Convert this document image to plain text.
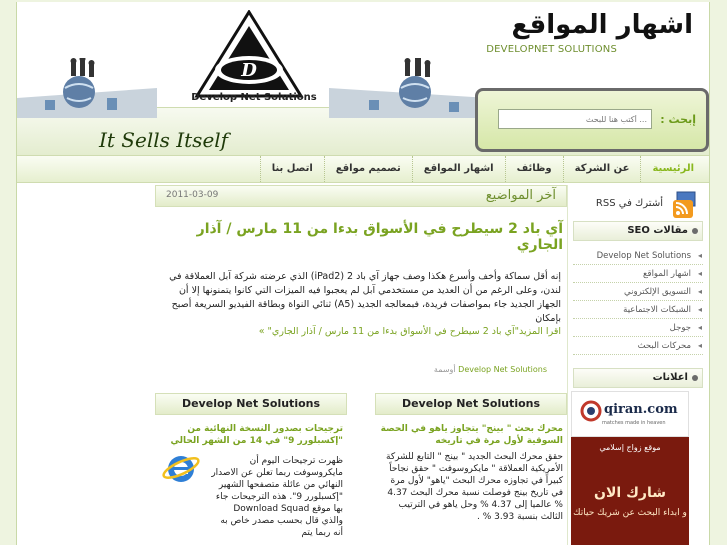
D
Develop Net Solutions
اشهار المواقع
DEVELOPNET SOLUTIONS
It Sells Itself
إبحث :
أكتب هنا للبحث ...
الرئيسية
عن الشركة
وظائف
اشهار المواقع
تصميم مواقع
اتصل بنا
أشترك في RSS
مقالات SEO
▸ Develop Net Solutions
▸ اشهار المواقع
▸ التسويق الإلكتروني
▸ الشبكات الاجتماعية
▸ جوجل
▸ محركات البحث
اعلانات
qiran.com
matches made in heaven
موقع زواج إسلامي
شارك الان
و ابداء البحث عن شريك حياتك
آخر المواضيع
2011-03-09
آي باد 2 سيطرح في الأسواق بدءا من 11 مارس / آذار الجاري
إنه أقل سماكة وأخف وأسرع هكذا وصف جهاز آي باد 2 (iPad2) الذي عرضته شركة آبل العملاقة في لندن، وعلى الرغم من أن العديد من مستخدمي آبل لم يعجبوا فيه الميزات التي كانوا يتمنونها إلا أن الجهاز الجديد جاء بمواصفات فريدة، فبمعالجه الجديد (A5) ثنائي النواة وبطاقة الفيديو السريعة أصبح بإمكان
اقرا المزيد"آي باد 2 سيطرح في الأسواق بدءا من 11 مارس / آذار الجاري" »
Develop Net Solutions أوسمة
Develop Net Solutions
محرك بحث " بينج" يتجاوز ياهو في الحصة السوقية لأول مرة في تاريخه
حقق محرك البحث الجديد " بينج " التابع للشركة الأمريكية العملاقة " مايكروسوفت " حقق نجاحاً كبيراً في تجاوزه محرك البحث "ياهو" لأول مرة في تاريخ بينج فوصلت نسبة محرك البحث 4.37 % عالميا إلى 4.37 % وحل ياهو في الترتيب الثالث بنسبة 3.93 % .
Develop Net Solutions
ترجيحات بصدور النسخة النهائية من "إكسبلورر 9" في 14 من الشهر الحالي
ظهرت ترجيحات اليوم أن مايكروسوفت ربما تعلن عن الاصدار النهائي من عائلة متصفحها الشهير "إكسبلورر 9". هذه الترجيحات جاء بها موقع Download Squad والذي قال بحسب مصدر خاص به أنه ربما يتم
